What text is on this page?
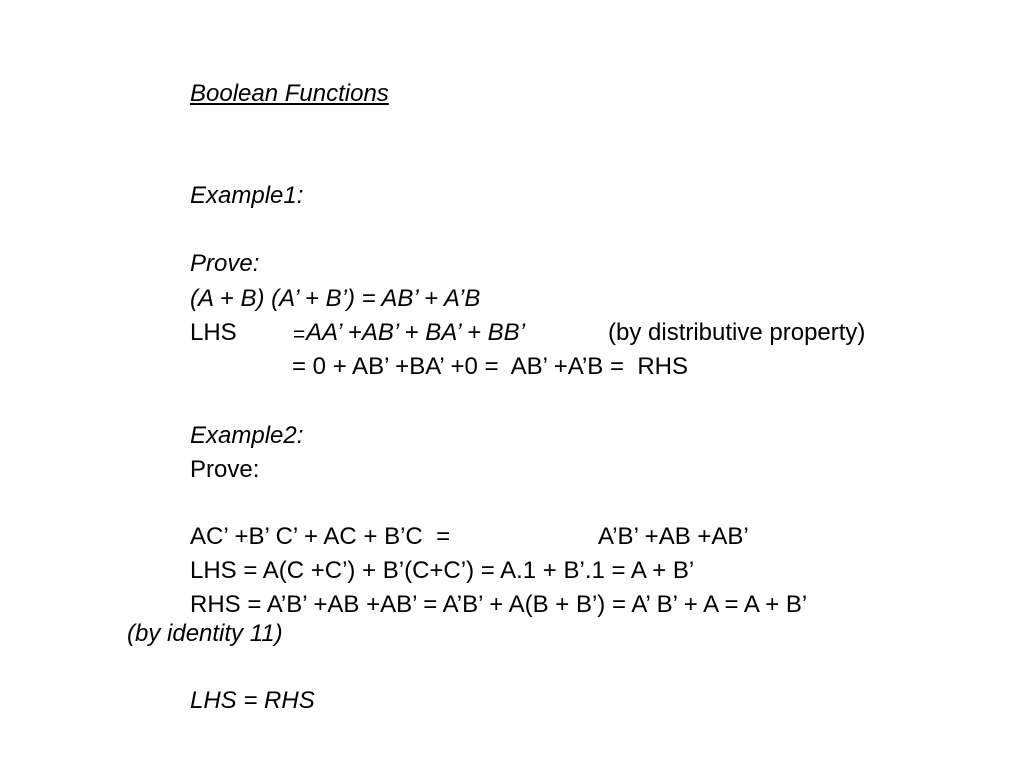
Boolean Functions
Example1:
Prove:
(A + B) (A’ + B’) = AB’ + A’B
LHS	= AA’ +AB’ + BA’ + BB’	(by distributive property)
= 0 + AB’ +BA’ +0 =  AB’ +A’B =  RHS
Example2:
Prove:
AC’ +B’ C’ + AC + B’C  =	A’B’ +AB +AB’
LHS = A(C +C’) + B’(C+C’) = A.1 + B’.1 = A + B’
RHS = A’B’ +AB +AB’ = A’B’ + A(B + B’) = A’ B’ + A = A + B’
(by identity 11)
LHS = RHS
